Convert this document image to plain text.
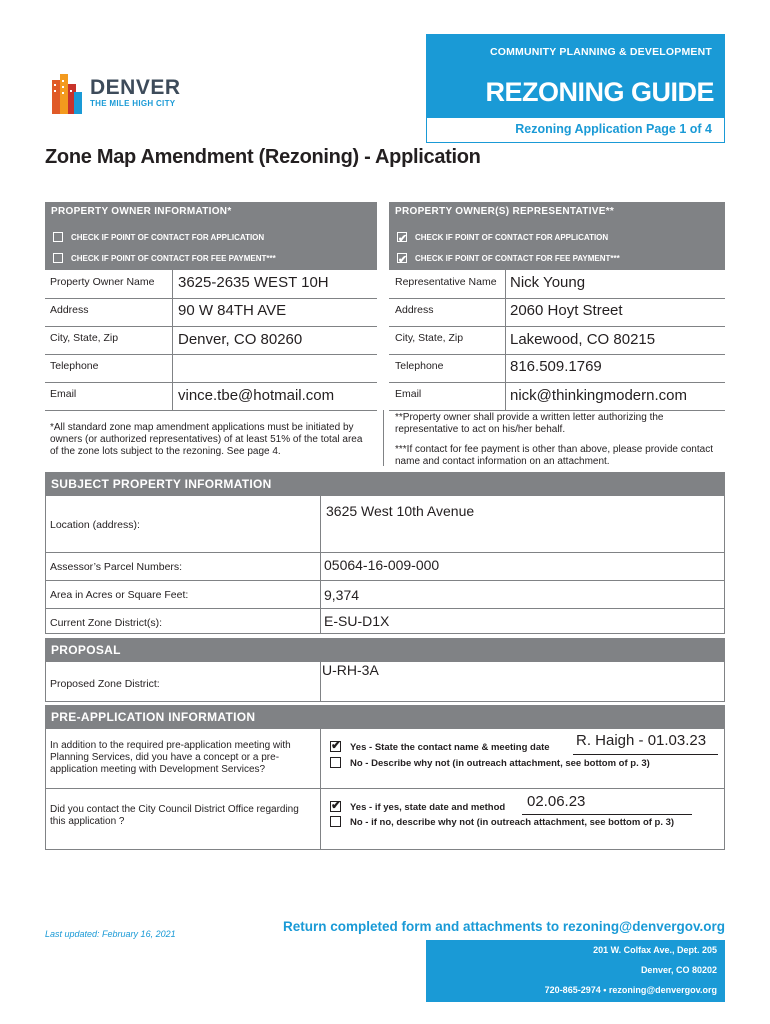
DENVER
THE MILE HIGH CITY
COMMUNITY PLANNING & DEVELOPMENT
REZONING GUIDE
Rezoning Application Page 1 of 4
Zone Map Amendment (Rezoning) - Application
PROPERTY OWNER INFORMATION*
CHECK IF POINT OF CONTACT FOR APPLICATION
CHECK IF POINT OF CONTACT FOR FEE PAYMENT***
PROPERTY OWNER(S) REPRESENTATIVE**
✔CHECK IF POINT OF CONTACT FOR APPLICATION
✔CHECK IF POINT OF CONTACT FOR FEE PAYMENT***
Property Owner Name 3625-2635 WEST 10H
Address	90 W 84TH AVE
City, State, Zip	Denver, CO 80260
Telephone
Email	vince.tbe@hotmail.com
Representative Name Nick Young
Address	2060 Hoyt Street
City, State, Zip	Lakewood, CO 80215
Telephone	816.509.1769
Email	nick@thinkingmodern.com
*All standard zone map amendment applications must be initiated by owners (or authorized representatives) of at least 51% of the total area of the zone lots subject to the rezoning. See page 4.
**Property owner shall provide a written letter authorizing the representative to act on his/her behalf.
***If contact for fee payment is other than above, please provide contact name and contact information on an attachment.
SUBJECT PROPERTY INFORMATION
Location (address):
3625 West 10th Avenue
Assessor’s Parcel Numbers:	05064-16-009-000
Area in Acres or Square Feet:	9,374
Current Zone District(s):	E-SU-D1X
PROPOSAL
Proposed Zone District:
U-RH-3A
PRE-APPLICATION INFORMATION
In addition to the required pre-application meeting with Planning Services, did you have a concept or a pre-application meeting with Development Services?
✔Yes - State the contact name & meeting date R. Haigh - 01.03.23
No - Describe why not (in outreach attachment, see bottom of p. 3)
Did you contact the City Council District Office regarding this application ?
✔Yes - if yes, state date and method 02.06.23
No - if no, describe why not (in outreach attachment, see bottom of p. 3)
Last updated: February 16, 2021	Return completed form and attachments to rezoning@denvergov.org
201 W. Colfax Ave., Dept. 205
Denver, CO 80202
720-865-2974 • rezoning@denvergov.org
